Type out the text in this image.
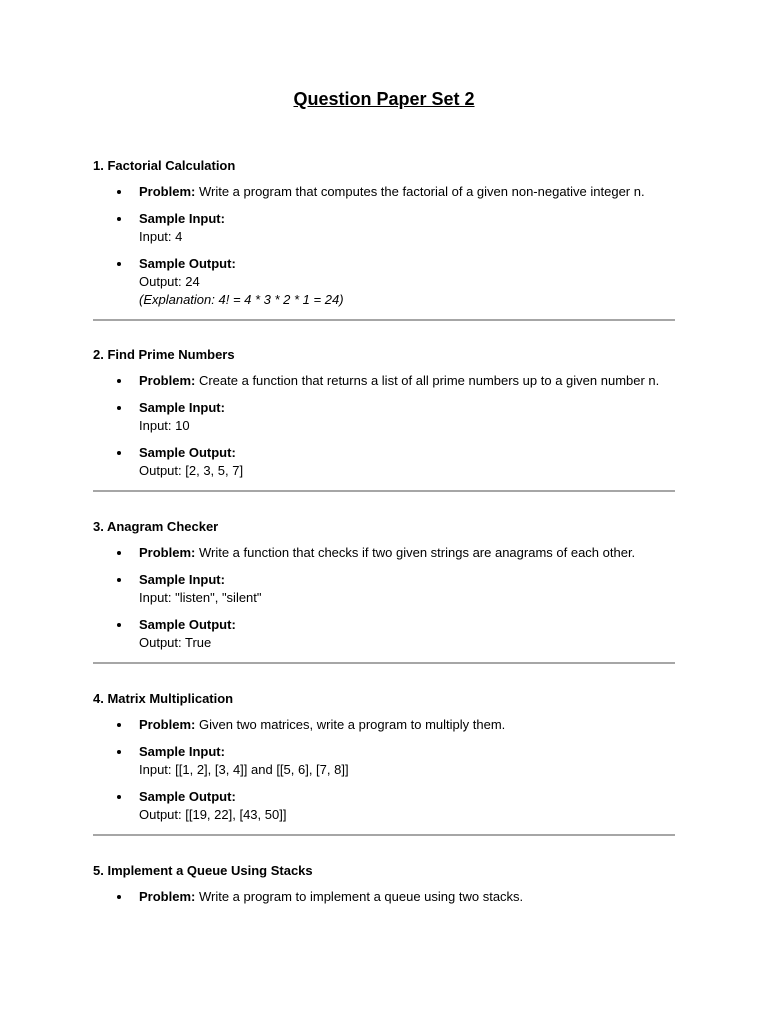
Question Paper Set 2
1. Factorial Calculation
Problem: Write a program that computes the factorial of a given non-negative integer n.
Sample Input:
Input: 4
Sample Output:
Output: 24
(Explanation: 4! = 4 * 3 * 2 * 1 = 24)
2. Find Prime Numbers
Problem: Create a function that returns a list of all prime numbers up to a given number n.
Sample Input:
Input: 10
Sample Output:
Output: [2, 3, 5, 7]
3. Anagram Checker
Problem: Write a function that checks if two given strings are anagrams of each other.
Sample Input:
Input: "listen", "silent"
Sample Output:
Output: True
4. Matrix Multiplication
Problem: Given two matrices, write a program to multiply them.
Sample Input:
Input: [[1, 2], [3, 4]] and [[5, 6], [7, 8]]
Sample Output:
Output: [[19, 22], [43, 50]]
5. Implement a Queue Using Stacks
Problem: Write a program to implement a queue using two stacks.
